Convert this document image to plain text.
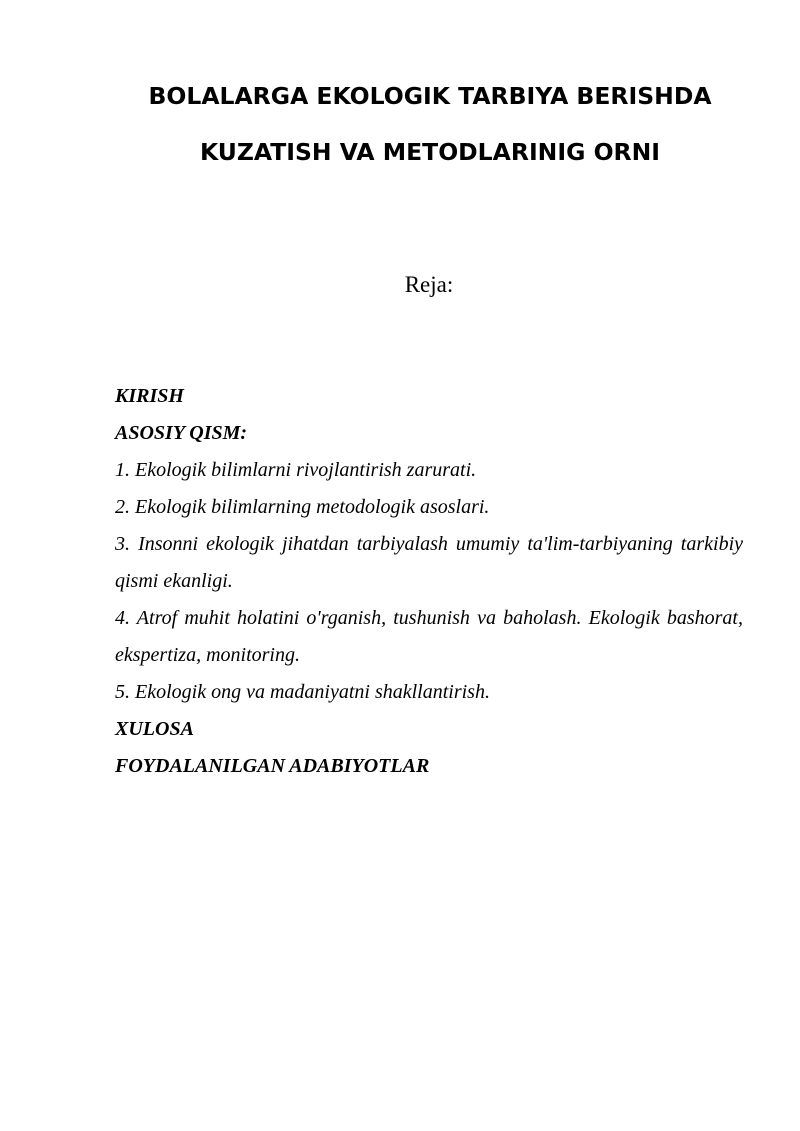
BOLALARGA EKOLOGIK TARBIYA BERISHDA
KUZATISH VA METODLARINIG ORNI

Reja:

KIRISH
ASOSIY QISM:
1. Ekologik bilimlarni rivojlantirish zarurati.
2. Ekologik bilimlarning metodologik asoslari.
3. Insonni ekologik jihatdan tarbiyalash umumiy ta'lim-tarbiyaning tarkibiy qismi ekanligi.
4. Atrof muhit holatini o'rganish, tushunish va baholash. Ekologik bashorat, ekspertiza, monitoring.
5. Ekologik ong va madaniyatni shakllantirish.
XULOSA
FOYDALANILGAN ADABIYOTLAR
